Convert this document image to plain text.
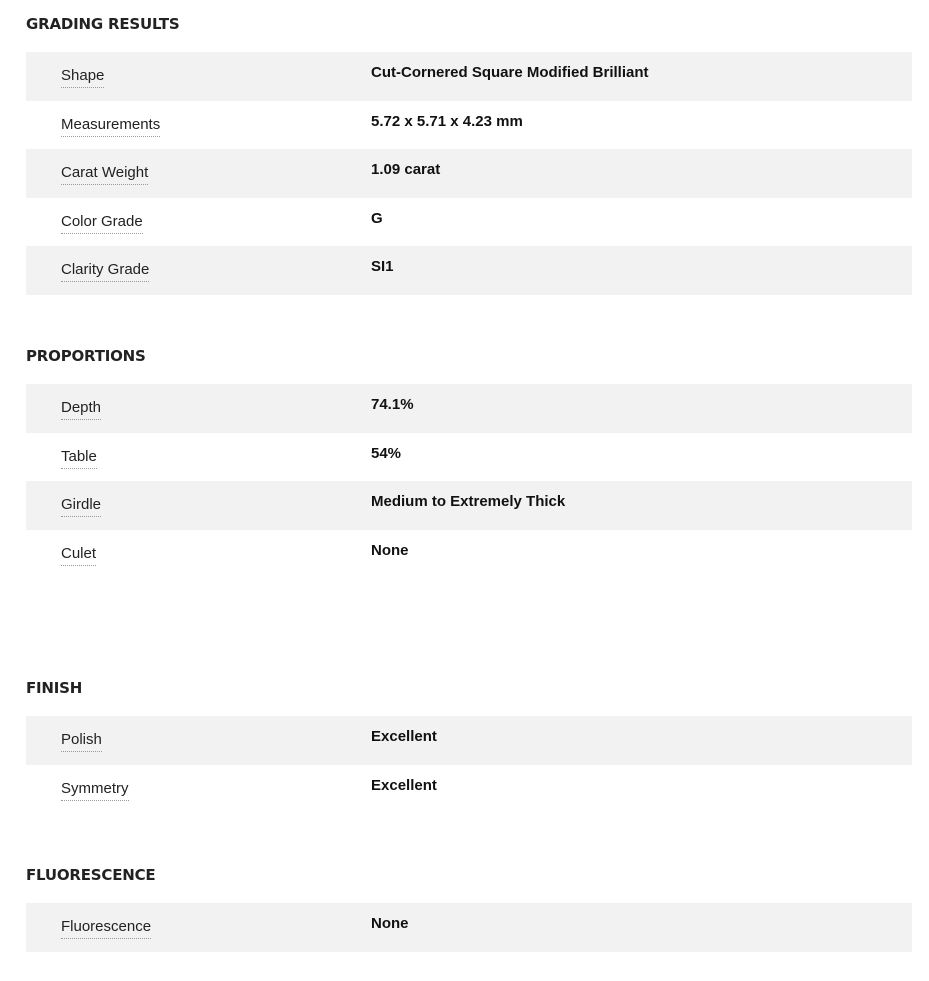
GRADING RESULTS
Shape	Cut-Cornered Square Modified Brilliant
Measurements	5.72 x 5.71 x 4.23 mm
Carat Weight	1.09 carat
Color Grade	G
Clarity Grade	SI1
PROPORTIONS
Depth	74.1%
Table	54%
Girdle	Medium to Extremely Thick
Culet	None
FINISH
Polish	Excellent
Symmetry	Excellent
FLUORESCENCE
Fluorescence	None
